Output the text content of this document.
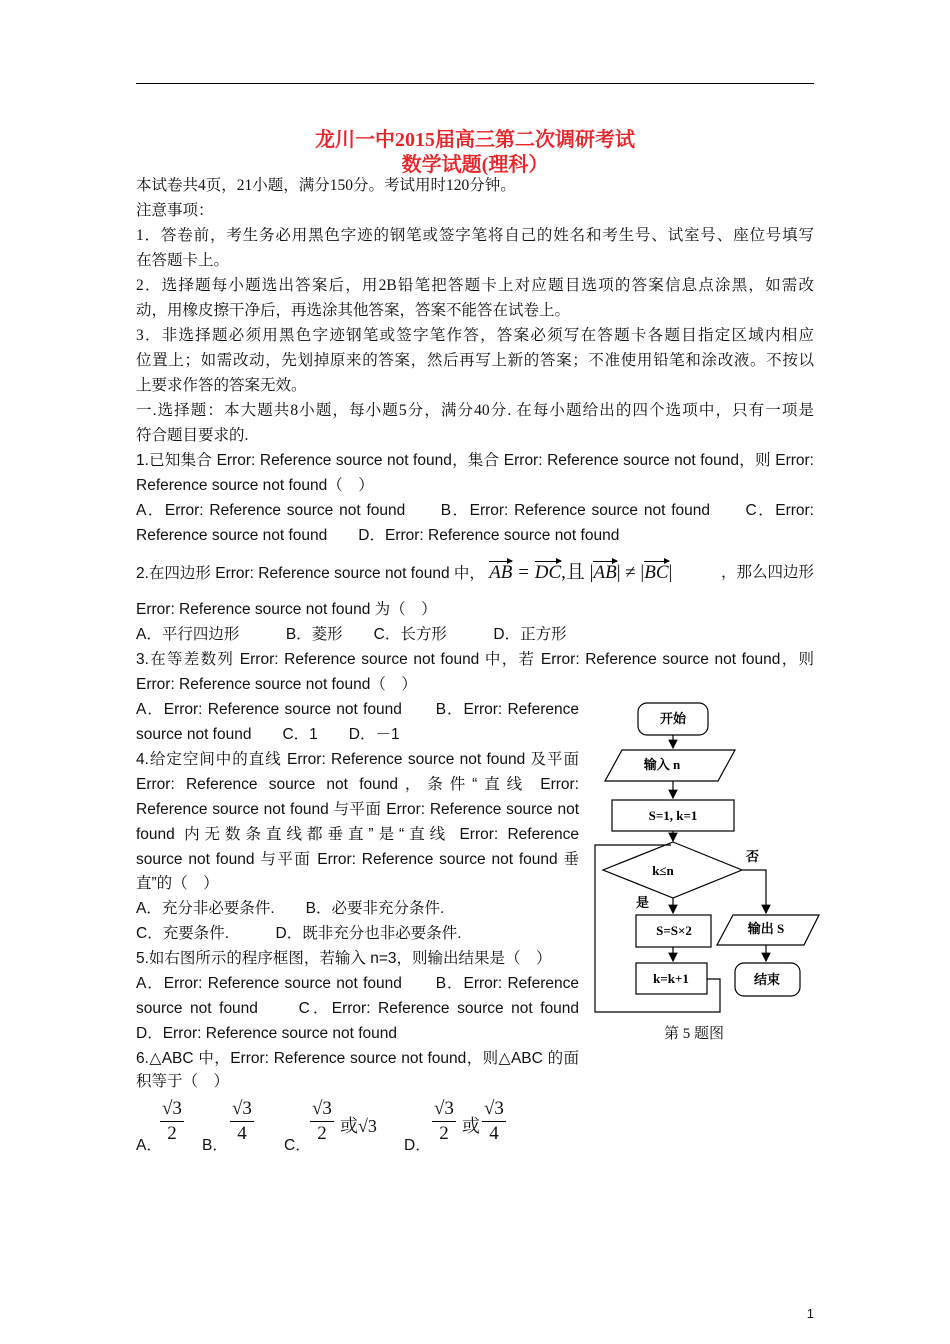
龙川一中2015届高三第二次调研考试
数学试题(理科）
本试卷共4页，21小题，满分150分。考试用时120分钟。
注意事项：
1．答卷前，考生务必用黑色字迹的钢笔或签字笔将自己的姓名和考生号、试室号、座位号填写
在答题卡上。
2．选择题每小题选出答案后，用2B铅笔把答题卡上对应题目选项的答案信息点涂黑，如需改
动，用橡皮擦干净后，再选涂其他答案，答案不能答在试卷上。
3．非选择题必须用黑色字迹钢笔或签字笔作答，答案必须写在答题卡各题目指定区域内相应
位置上；如需改动，先划掉原来的答案，然后再写上新的答案；不准使用铅笔和涂改液。不按以
上要求作答的答案无效。
一.选择题：本大题共8小题，每小题5分，满分40分. 在每小题给出的四个选项中，只有一项是
符合题目要求的.
1.已知集合 Error: Reference source not found，集合 Error: Reference source not found，则 Error:
Reference source not found（　）
A．Error: Reference source not found　　B．Error: Reference source not found　　C．Error:
Reference source not found　　D．Error: Reference source not found
2.在四边形 Error: Reference source not found 中， AB = DC,且 |AB| ≠ |BC|	，那么四边形
Error: Reference source not found 为（　）
A．平行四边形　　　B．菱形　　C．长方形　　　D．正方形
3.在等差数列 Error: Reference source not found 中，若 Error: Reference source not found，则
Error: Reference source not found（　）
A．Error: Reference source not found　　B．Error: Reference
source not found　　C．1　　D．－1
4.给定空间中的直线 Error: Reference source not found 及平面
Error: Reference source not found，条件“直线 Error:
Reference source not found 与平面 Error: Reference source not
found 内无数条直线都垂直”是“直线 Error: Reference
source not found 与平面 Error: Reference source not found 垂
直”的（　）
A．充分非必要条件.　　B．必要非充分条件.
C．充要条件.　　　D．既非充分也非必要条件.
5.如右图所示的程序框图，若输入 n=3，则输出结果是（　）
A．Error: Reference source not found　　B．Error: Reference
source not found　　C．Error: Reference source not found
D．Error: Reference source not found
6.△ABC 中，Error: Reference source not found，则△ABC 的面
积等于（　）
A．
$\frac{√3}{2}$ B． $\frac{√3}{4}$ C． $\frac{√3}{2}$ 或√3
D． $\frac{√3}{2}$ 或 $\frac{√3}{4}$
开始
输入 n
S=1, k=1
k≤n
否
是
S=S×2
k=k+1
输出 S
结束
第 5 题图
1
